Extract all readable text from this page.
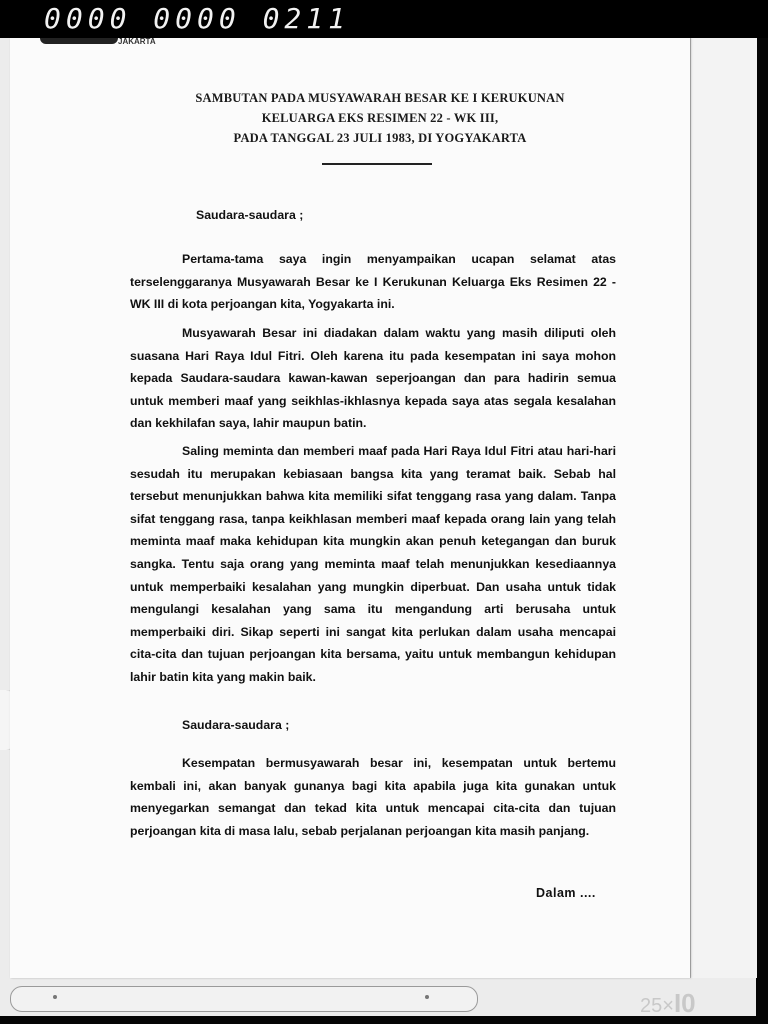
0000 0000 0211
JAKARTA
SAMBUTAN PADA MUSYAWARAH BESAR KE I KERUKUNAN
KELUARGA EKS RESIMEN 22 - WK III,
PADA TANGGAL 23 JULI 1983, DI YOGYAKARTA
Saudara-saudara ;
Pertama-tama saya ingin menyampaikan ucapan selamat atas terselenggaranya Musyawarah Besar ke I Kerukunan Keluarga Eks Resimen 22 - WK III di kota perjoangan kita, Yogyakarta ini.
Musyawarah Besar ini diadakan dalam waktu yang masih diliputi oleh suasana Hari Raya Idul Fitri. Oleh karena itu pada kesempatan ini saya mohon kepada Saudara-saudara kawan-kawan seperjoangan dan para hadirin semua untuk memberi maaf yang seikhlas-ikhlasnya kepada saya atas segala kesalahan dan kekhilafan saya, lahir maupun batin.
Saling meminta dan memberi maaf pada Hari Raya Idul Fitri atau hari-hari sesudah itu merupakan kebiasaan bangsa kita yang teramat baik. Sebab hal tersebut menunjukkan bahwa kita memiliki sifat tenggang rasa yang dalam. Tanpa sifat tenggang rasa, tanpa keikhlasan memberi maaf kepada orang lain yang telah meminta maaf maka kehidupan kita mungkin akan penuh ketegangan dan buruk sangka. Tentu saja orang yang meminta maaf telah menunjukkan kesediaannya untuk memperbaiki kesalahan yang mungkin diperbuat. Dan usaha untuk tidak mengulangi kesalahan yang sama itu mengandung arti berusaha untuk memperbaiki diri. Sikap seperti ini sangat kita perlukan dalam usaha mencapai cita-cita dan tujuan perjoangan kita bersama, yaitu untuk membangun kehidupan lahir batin kita yang makin baik.
Saudara-saudara ;
Kesempatan bermusyawarah besar ini, kesempatan untuk bertemu kembali ini, akan banyak gunanya bagi kita apabila juga kita gunakan untuk menyegarkan semangat dan tekad kita untuk mencapai cita-cita dan tujuan perjoangan kita di masa lalu, sebab perjalanan perjoangan kita masih panjang.
Dalam ....
25×I0
